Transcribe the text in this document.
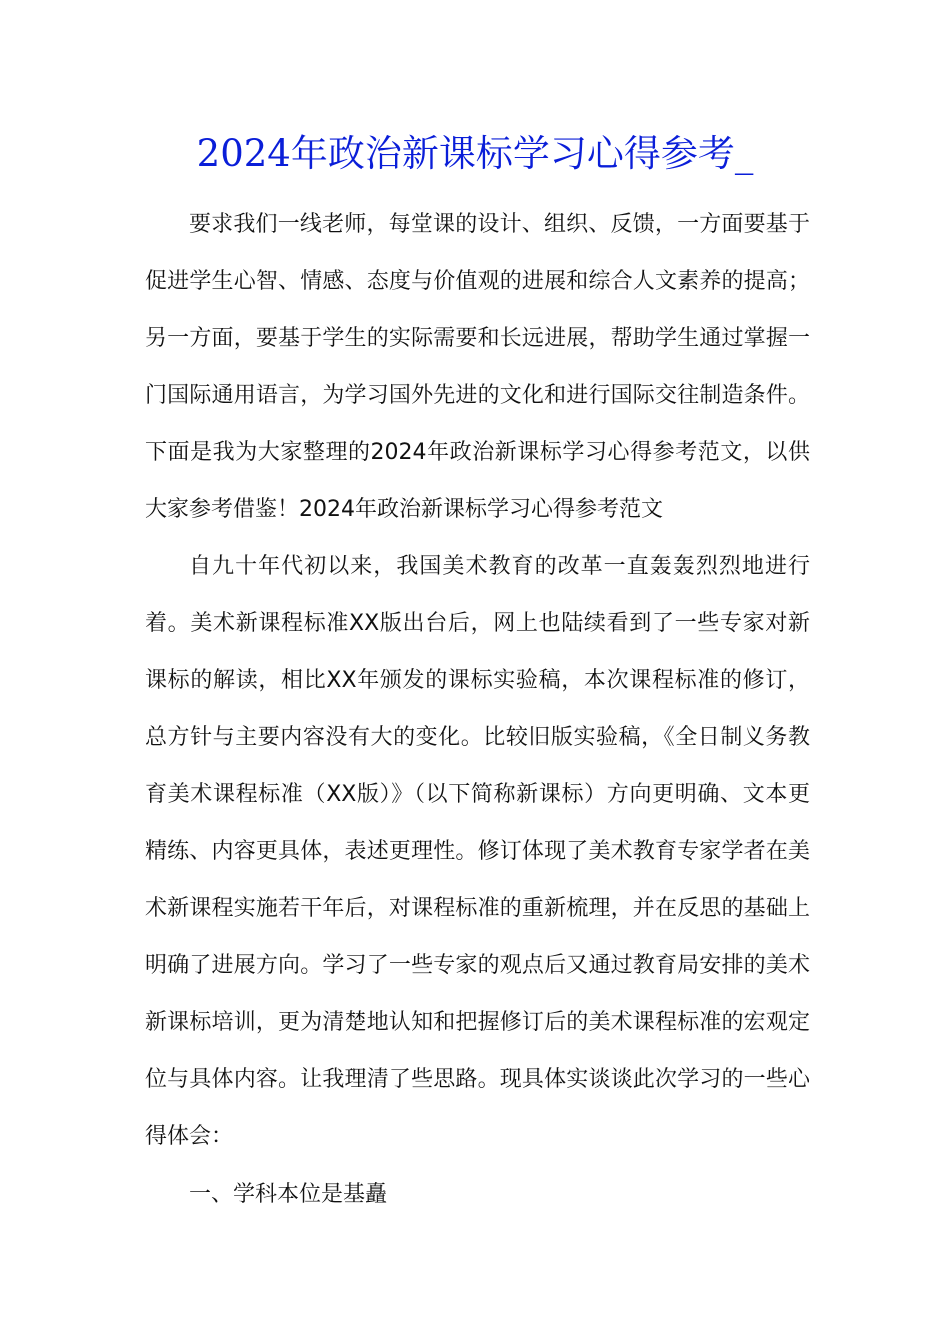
2024年政治新课标学习心得参考_

要求我们一线老师，每堂课的设计、组织、反馈，一方面要基于促进学生心智、情感、态度与价值观的进展和综合人文素养的提高；另一方面，要基于学生的实际需要和长远进展，帮助学生通过掌握一门国际通用语言，为学习国外先进的文化和进行国际交往制造条件。下面是我为大家整理的2024年政治新课标学习心得参考范文，以供大家参考借鉴！2024年政治新课标学习心得参考范文

自九十年代初以来，我国美术教育的改革一直轰轰烈烈地进行着。美术新课程标准XX版出台后，网上也陆续看到了一些专家对新课标的解读，相比XX年颁发的课标实验稿，本次课程标准的修订，总方针与主要内容没有大的变化。比较旧版实验稿，《全日制义务教育美术课程标准（XX版）》（以下简称新课标）方向更明确、文本更精练、内容更具体，表述更理性。修订体现了美术教育专家学者在美术新课程实施若干年后，对课程标准的重新梳理，并在反思的基础上明确了进展方向。学习了一些专家的观点后又通过教育局安排的美术新课标培训，更为清楚地认知和把握修订后的美术课程标准的宏观定位与具体内容。让我理清了些思路。现具体实谈谈此次学习的一些心得体会：

一、学科本位是基矗
